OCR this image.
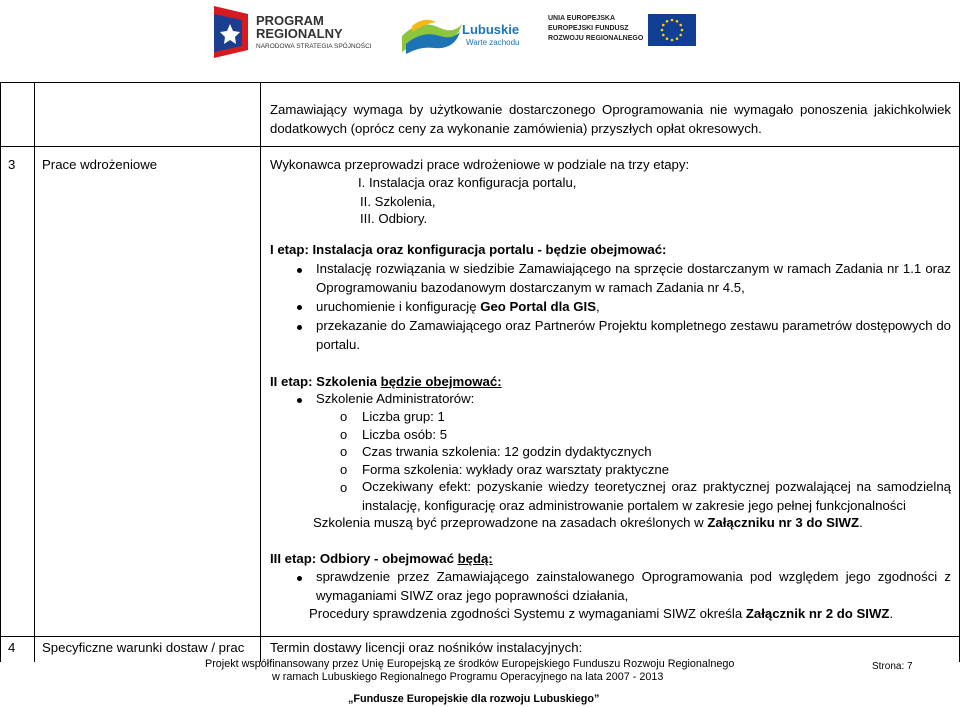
PROGRAM
REGIONALNY
NARODOWA STRATEGIA SPÓJNOŚCI
Lubuskie
Warte zachodu
UNIA EUROPEJSKA
EUROPEJSKI FUNDUSZ
ROZWOJU REGIONALNEGO
Zamawiający wymaga by użytkowanie dostarczonego Oprogramowania nie wymagało ponoszenia jakichkolwiek
dodatkowych (oprócz ceny za wykonanie zamówienia) przyszłych opłat okresowych.
3 Prace wdrożeniowe	Wykonawca przeprowadzi prace wdrożeniowe w podziale na trzy etapy:
I. Instalacja oraz konfiguracja portalu,
II. Szkolenia,
III. Odbiory.
I etap: Instalacja oraz konfiguracja portalu - będzie obejmować:
Instalację rozwiązania w siedzibie Zamawiającego na sprzęcie dostarczanym w ramach Zadania nr 1.1 oraz
Oprogramowaniu bazodanowym dostarczanym w ramach Zadania nr 4.5,
uruchomienie i konfigurację Geo Portal dla GIS,
przekazanie do Zamawiającego oraz Partnerów Projektu kompletnego zestawu parametrów dostępowych do
portalu.
II etap: Szkolenia będzie obejmować:
Szkolenie Administratorów:
o Liczba grup: 1
o Liczba osób: 5
o Czas trwania szkolenia: 12 godzin dydaktycznych
o Forma szkolenia: wykłady oraz warsztaty praktyczne
o Oczekiwany efekt: pozyskanie wiedzy teoretycznej oraz praktycznej pozwalającej na samodzielną
instalację, konfigurację oraz administrowanie portalem w zakresie jego pełnej funkcjonalności
Szkolenia muszą być przeprowadzone na zasadach określonych w Załączniku nr 3 do SIWZ.
III etap: Odbiory - obejmować będą:
sprawdzenie przez Zamawiającego zainstalowanego Oprogramowania pod względem jego zgodności z
wymaganiami SIWZ oraz jego poprawności działania,
Procedury sprawdzenia zgodności Systemu z wymaganiami SIWZ określa Załącznik nr 2 do SIWZ.
4 Specyficzne warunki dostaw / prac Termin dostawy licencji oraz nośników instalacyjnych:
Projekt współfinansowany przez Unię Europejską ze środków Europejskiego Funduszu Rozwoju Regionalnego
w ramach Lubuskiego Regionalnego Programu Operacyjnego na lata 2007 - 2013
„Fundusze Europejskie dla rozwoju Lubuskiego”
Strona: 7
